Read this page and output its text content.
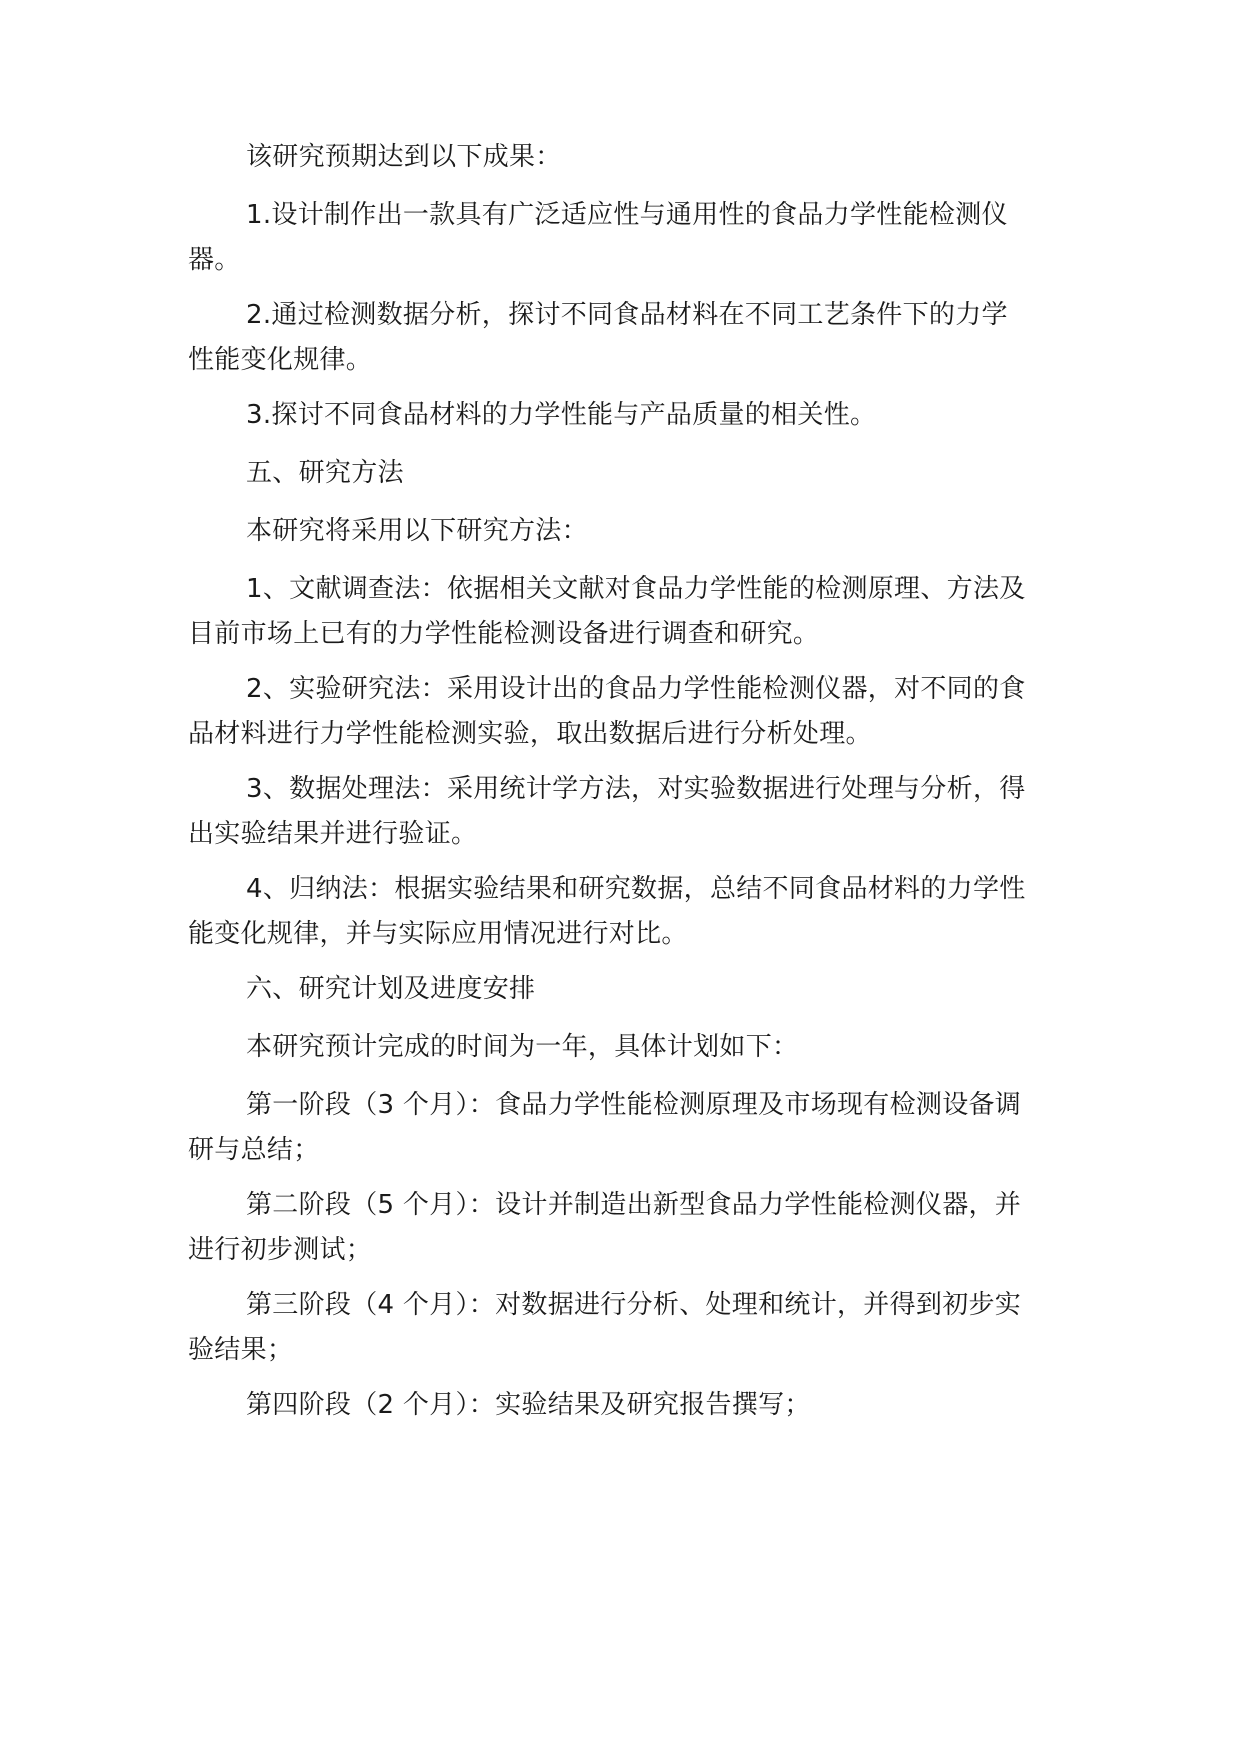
该研究预期达到以下成果：

1.设计制作出一款具有广泛适应性与通用性的食品力学性能检测仪
器。

2.通过检测数据分析，探讨不同食品材料在不同工艺条件下的力学
性能变化规律。

3.探讨不同食品材料的力学性能与产品质量的相关性。

五、研究方法

本研究将采用以下研究方法：

1、文献调查法：依据相关文献对食品力学性能的检测原理、方法及
目前市场上已有的力学性能检测设备进行调查和研究。

2、实验研究法：采用设计出的食品力学性能检测仪器，对不同的食
品材料进行力学性能检测实验，取出数据后进行分析处理。

3、数据处理法：采用统计学方法，对实验数据进行处理与分析，得
出实验结果并进行验证。

4、归纳法：根据实验结果和研究数据，总结不同食品材料的力学性
能变化规律，并与实际应用情况进行对比。

六、研究计划及进度安排

本研究预计完成的时间为一年，具体计划如下：

第一阶段（3 个月）：食品力学性能检测原理及市场现有检测设备调
研与总结；

第二阶段（5 个月）：设计并制造出新型食品力学性能检测仪器，并
进行初步测试；

第三阶段（4 个月）：对数据进行分析、处理和统计，并得到初步实
验结果；

第四阶段（2 个月）：实验结果及研究报告撰写；
